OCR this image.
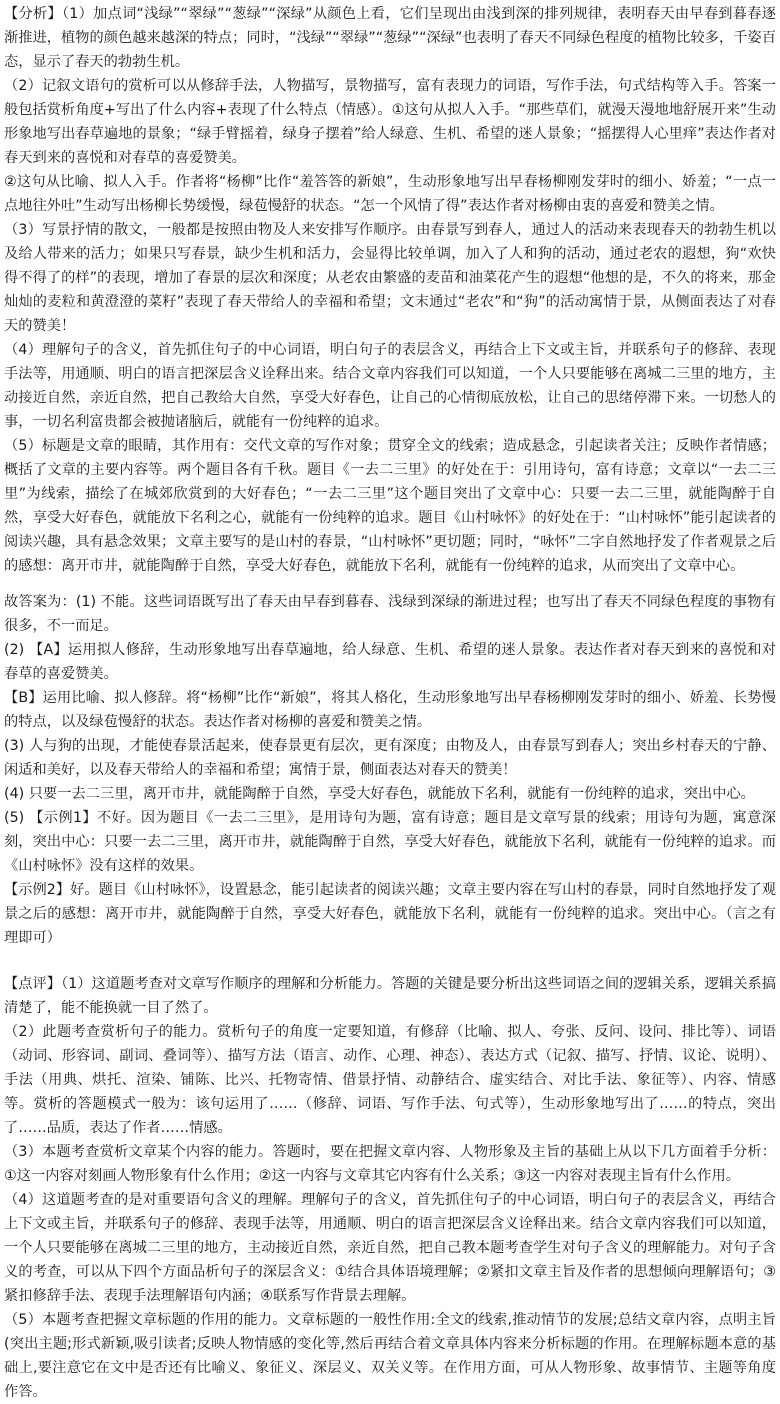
【分析】（1）加点词“浅绿”“翠绿”“葱绿”“深绿”从颜色上看，它们呈现出由浅到深的排列规律，表明春天由早春到暮春逐渐推进，植物的颜色越来越深的特点；同时，“浅绿”“翠绿”“葱绿”“深绿”也表明了春天不同绿色程度的植物比较多，千姿百态，显示了春天的勃勃生机。

（2）记叙文语句的赏析可以从修辞手法，人物描写，景物描写，富有表现力的词语，写作手法，句式结构等入手。答案一般包括赏析角度+写出了什么内容+表现了什么特点（情感）。①这句从拟人入手。“那些草们，就漫天漫地地舒展开来”生动形象地写出春草遍地的景象；“绿手臂摇着，绿身子摆着”给人绿意、生机、希望的迷人景象；“摇摆得人心里痒”表达作者对春天到来的喜悦和对春草的喜爱赞美。

②这句从比喻、拟人入手。作者将“杨柳”比作“羞答答的新娘”，生动形象地写出早春杨柳刚发芽时的细小、娇羞；“一点一点地往外吐”生动写出杨柳长势缓慢，绿苞慢舒的状态。“怎一个风情了得”表达作者对杨柳由衷的喜爱和赞美之情。

（3）写景抒情的散文，一般都是按照由物及人来安排写作顺序。由春景写到春人，通过人的活动来表现春天的勃勃生机以及给人带来的活力；如果只写春景，缺少生机和活力，会显得比较单调，加入了人和狗的活动，通过老农的遐想，狗“欢快得不得了的样”的表现，增加了春景的层次和深度；从老农由繁盛的麦苗和油菜花产生的遐想“他想的是，不久的将来，那金灿灿的麦粒和黄澄澄的菜籽”表现了春天带给人的幸福和希望；文末通过“老农”和“狗”的活动寓情于景，从侧面表达了对春天的赞美！

（4）理解句子的含义，首先抓住句子的中心词语，明白句子的表层含义，再结合上下文或主旨，并联系句子的修辞、表现手法等，用通顺、明白的语言把深层含义诠释出来。结合文章内容我们可以知道，一个人只要能够在离城二三里的地方，主动接近自然，亲近自然，把自己教给大自然，享受大好春色，让自己的心情彻底放松，让自己的思绪停滞下来。一切愁人的事，一切名利富贵都会被抛诸脑后，就能有一份纯粹的追求。

（5）标题是文章的眼睛，其作用有：交代文章的写作对象；贯穿全文的线索；造成悬念，引起读者关注；反映作者情感；概括了文章的主要内容等。两个题目各有千秋。题目《一去二三里》的好处在于：引用诗句，富有诗意；文章以“一去二三里”为线索，描绘了在城郊欣赏到的大好春色；“一去二三里”这个题目突出了文章中心：只要一去二三里，就能陶醉于自然，享受大好春色，就能放下名利之心，就能有一份纯粹的追求。题目《山村咏怀》的好处在于：“山村咏怀”能引起读者的阅读兴趣，具有悬念效果；文章主要写的是山村的春景，“山村咏怀”更切题；同时，“咏怀”二字自然地抒发了作者观景之后的感想：离开市井，就能陶醉于自然，享受大好春色，就能放下名利，就能有一份纯粹的追求，从而突出了文章中心。

故答案为：(1) 不能。这些词语既写出了春天由早春到暮春、浅绿到深绿的渐进过程；也写出了春天不同绿色程度的事物有很多，不一而足。

(2) 【A】运用拟人修辞，生动形象地写出春草遍地，给人绿意、生机、希望的迷人景象。表达作者对春天到来的喜悦和对春草的喜爱赞美。

【B】运用比喻、拟人修辞。将“杨柳”比作“新娘”，将其人格化，生动形象地写出早春杨柳刚发芽时的细小、娇羞、长势慢的特点，以及绿苞慢舒的状态。表达作者对杨柳的喜爱和赞美之情。

(3) 人与狗的出现，才能使春景活起来，使春景更有层次，更有深度；由物及人，由春景写到春人；突出乡村春天的宁静、闲适和美好，以及春天带给人的幸福和希望；寓情于景，侧面表达对春天的赞美！

(4) 只要一去二三里，离开市井，就能陶醉于自然，享受大好春色，就能放下名利，就能有一份纯粹的追求，突出中心。

(5) 【示例1】不好。因为题目《一去二三里》，是用诗句为题，富有诗意；题目是文章写景的线索；用诗句为题，寓意深刻，突出中心：只要一去二三里，离开市井，就能陶醉于自然，享受大好春色，就能放下名利，就能有一份纯粹的追求。而《山村咏怀》没有这样的效果。

【示例2】好。题目《山村咏怀》，设置悬念，能引起读者的阅读兴趣；文章主要内容在写山村的春景，同时自然地抒发了观景之后的感想：离开市井，就能陶醉于自然，享受大好春色，就能放下名利，就能有一份纯粹的追求。突出中心。（言之有理即可）

【点评】（1）这道题考查对文章写作顺序的理解和分析能力。答题的关键是要分析出这些词语之间的逻辑关系，逻辑关系搞清楚了，能不能换就一目了然了。

（2）此题考查赏析句子的能力。赏析句子的角度一定要知道，有修辞（比喻、拟人、夸张、反问、设问、排比等）、词语（动词、形容词、副词、叠词等）、描写方法（语言、动作、心理、神态）、表达方式（记叙、描写、抒情、议论、说明）、手法（用典、烘托、渲染、铺陈、比兴、托物寄情、借景抒情、动静结合、虚实结合、对比手法、象征等）、内容、情感等。赏析的答题模式一般为：该句运用了……（修辞、词语、写作手法、句式等），生动形象地写出了……的特点，突出了……品质，表达了作者……情感。

（3）本题考查赏析文章某个内容的能力。答题时，要在把握文章内容、人物形象及主旨的基础上从以下几方面着手分析：①这一内容对刻画人物形象有什么作用；②这一内容与文章其它内容有什么关系；③这一内容对表现主旨有什么作用。

（4）这道题考查的是对重要语句含义的理解。理解句子的含义，首先抓住句子的中心词语，明白句子的表层含义，再结合上下文或主旨，并联系句子的修辞、表现手法等，用通顺、明白的语言把深层含义诠释出来。结合文章内容我们可以知道，一个人只要能够在离城二三里的地方，主动接近自然，亲近自然，把自己教本题考查学生对句子含义的理解能力。对句子含义的考查，可以从下四个方面品析句子的深层含义：①结合具体语境理解；②紧扣文章主旨及作者的思想倾向理解语句；③紧扣修辞手法、表现手法理解语句内涵；④联系写作背景去理解。

（5）本题考查把握文章标题的作用的能力。文章标题的一般性作用:全文的线索,推动情节的发展;总结文章内容，点明主旨(突出主题;形式新颖,吸引读者;反映人物情感的变化等,然后再结合着文章具体内容来分析标题的作用。在理解标题本意的基础上,要注意它在文中是否还有比喻义、象征义、深层义、双关义等。在作用方面，可从人物形象、故事情节、主题等角度作答。
